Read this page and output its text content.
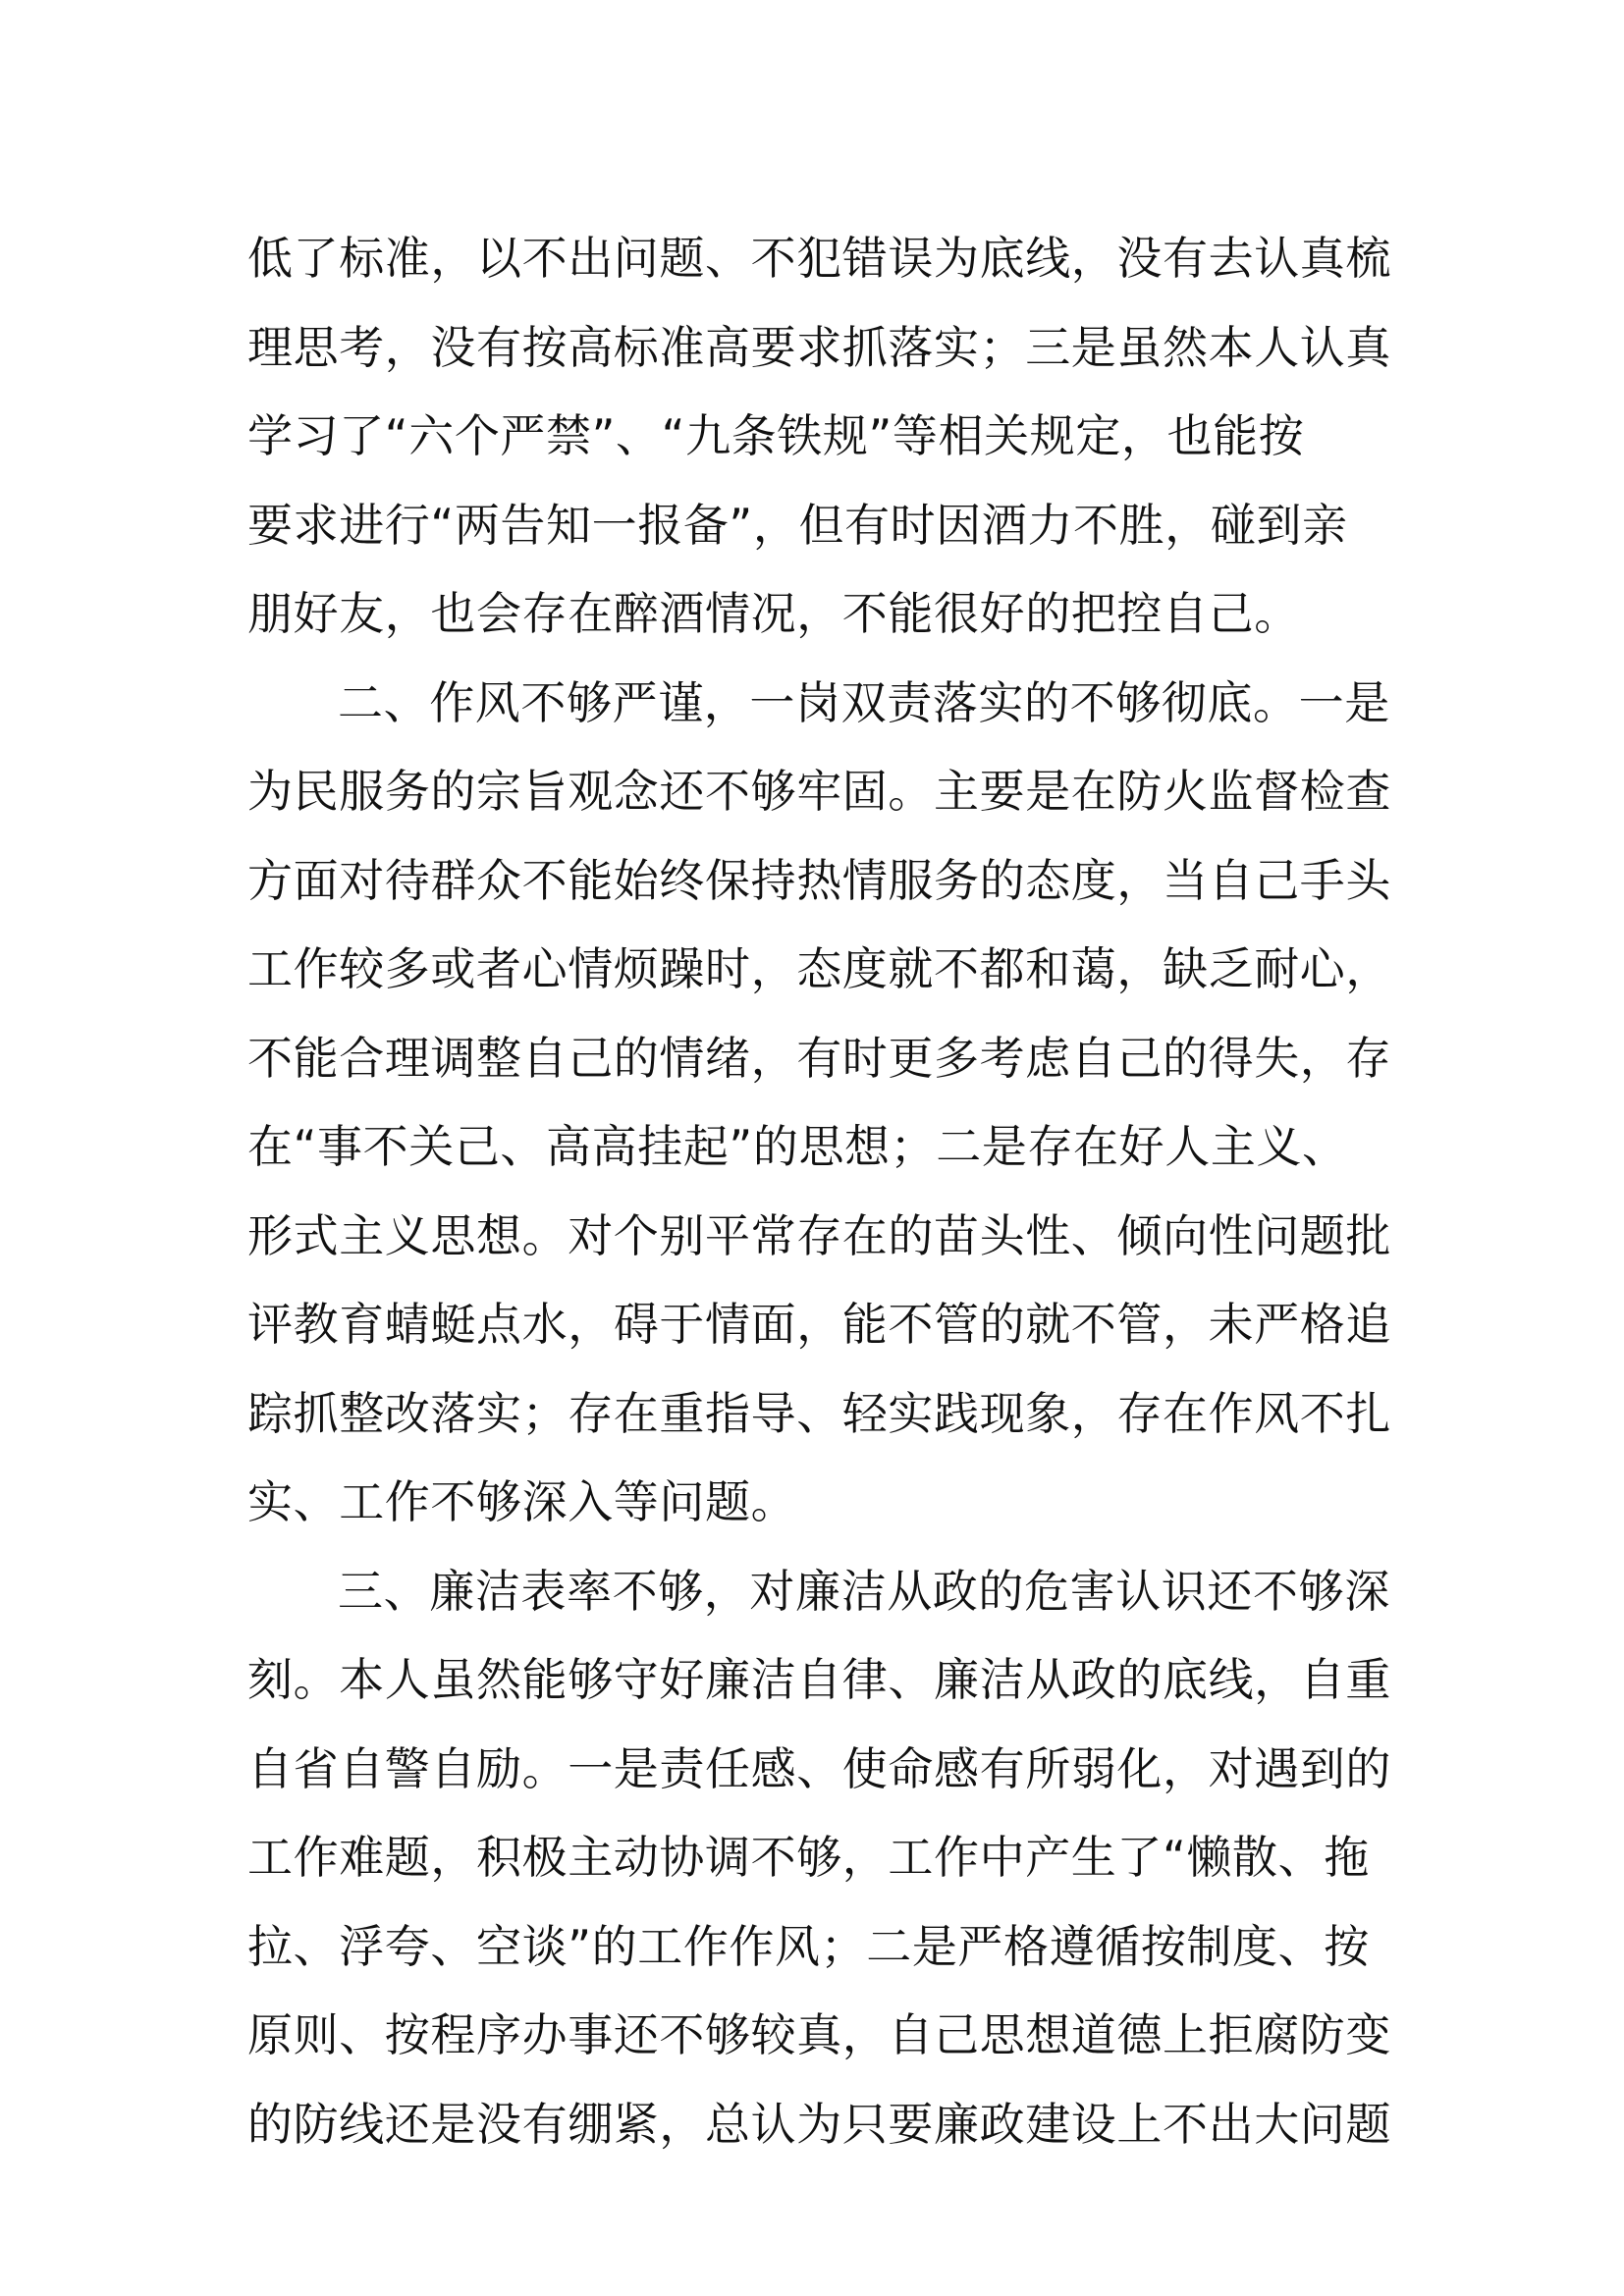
低了标准，以不出问题、不犯错误为底线，没有去认真梳
理思考，没有按高标准高要求抓落实；三是虽然本人认真
学习了“六个严禁”、“九条铁规”等相关规定，也能按
要求进行“两告知一报备”，但有时因酒力不胜，碰到亲
朋好友，也会存在醉酒情况，不能很好的把控自己。
二、作风不够严谨，一岗双责落实的不够彻底。一是
为民服务的宗旨观念还不够牢固。主要是在防火监督检查
方面对待群众不能始终保持热情服务的态度，当自己手头
工作较多或者心情烦躁时，态度就不都和蔼，缺乏耐心，
不能合理调整自己的情绪，有时更多考虑自己的得失，存
在“事不关己、高高挂起”的思想；二是存在好人主义、
形式主义思想。对个别平常存在的苗头性、倾向性问题批
评教育蜻蜓点水，碍于情面，能不管的就不管，未严格追
踪抓整改落实；存在重指导、轻实践现象，存在作风不扎
实、工作不够深入等问题。
三、廉洁表率不够，对廉洁从政的危害认识还不够深
刻。本人虽然能够守好廉洁自律、廉洁从政的底线，自重
自省自警自励。一是责任感、使命感有所弱化，对遇到的
工作难题，积极主动协调不够，工作中产生了“懒散、拖
拉、浮夸、空谈”的工作作风；二是严格遵循按制度、按
原则、按程序办事还不够较真，自己思想道德上拒腐防变
的防线还是没有绷紧，总认为只要廉政建设上不出大问题
